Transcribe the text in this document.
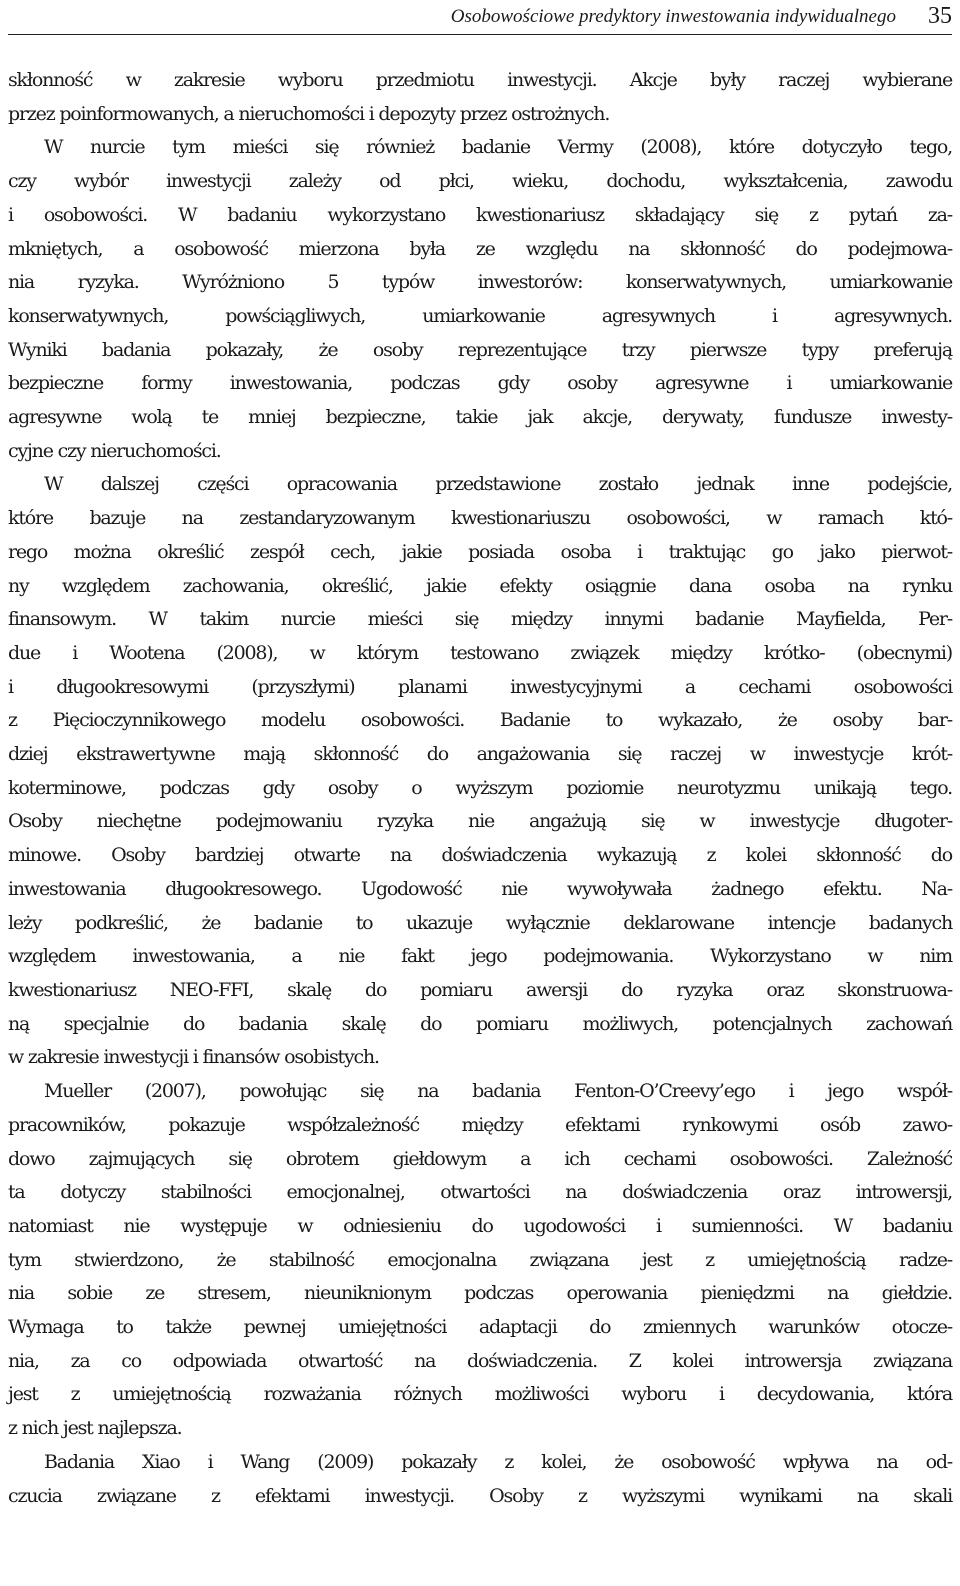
Osobowościowe predyktory inwestowania indywidualnego 35

skłonność w zakresie wyboru przedmiotu inwestycji. Akcje były raczej wybierane
przez poinformowanych, a nieruchomości i depozyty przez ostrożnych.

W nurcie tym mieści się również badanie Vermy (2008), które dotyczyło tego,
czy wybór inwestycji zależy od płci, wieku, dochodu, wykształcenia, zawodu
i osobowości. W badaniu wykorzystano kwestionariusz składający się z pytań za-
mkniętych, a osobowość mierzona była ze względu na skłonność do podejmowa-
nia ryzyka. Wyróżniono 5 typów inwestorów: konserwatywnych, umiarkowanie
konserwatywnych, powściągliwych, umiarkowanie agresywnych i agresywnych.
Wyniki badania pokazały, że osoby reprezentujące trzy pierwsze typy preferują
bezpieczne formy inwestowania, podczas gdy osoby agresywne i umiarkowanie
agresywne wolą te mniej bezpieczne, takie jak akcje, derywaty, fundusze inwesty-
cyjne czy nieruchomości.

W dalszej części opracowania przedstawione zostało jednak inne podejście,
które bazuje na zestandaryzowanym kwestionariuszu osobowości, w ramach któ-
rego można określić zespół cech, jakie posiada osoba i traktując go jako pierwot-
ny względem zachowania, określić, jakie efekty osiągnie dana osoba na rynku
finansowym. W takim nurcie mieści się między innymi badanie Mayfielda, Per-
due i Wootena (2008), w którym testowano związek między krótko- (obecnymi)
i długookresowymi (przyszłymi) planami inwestycyjnymi a cechami osobowości
z Pięcioczynnikowego modelu osobowości. Badanie to wykazało, że osoby bar-
dziej ekstrawertywne mają skłonność do angażowania się raczej w inwestycje krót-
koterminowe, podczas gdy osoby o wyższym poziomie neurotyzmu unikają tego.
Osoby niechętne podejmowaniu ryzyka nie angażują się w inwestycje długoter-
minowe. Osoby bardziej otwarte na doświadczenia wykazują z kolei skłonność do
inwestowania długookresowego. Ugodowość nie wywoływała żadnego efektu. Na-
leży podkreślić, że badanie to ukazuje wyłącznie deklarowane intencje badanych
względem inwestowania, a nie fakt jego podejmowania. Wykorzystano w nim
kwestionariusz NEO-FFI, skalę do pomiaru awersji do ryzyka oraz skonstruowa-
ną specjalnie do badania skalę do pomiaru możliwych, potencjalnych zachowań
w zakresie inwestycji i finansów osobistych.

Mueller (2007), powołując się na badania Fenton-O’Creevy’ego i jego współ-
pracowników, pokazuje współzależność między efektami rynkowymi osób zawo-
dowo zajmujących się obrotem giełdowym a ich cechami osobowości. Zależność
ta dotyczy stabilności emocjonalnej, otwartości na doświadczenia oraz introwersji,
natomiast nie występuje w odniesieniu do ugodowości i sumienności. W badaniu
tym stwierdzono, że stabilność emocjonalna związana jest z umiejętnością radze-
nia sobie ze stresem, nieuniknionym podczas operowania pieniędzmi na giełdzie.
Wymaga to także pewnej umiejętności adaptacji do zmiennych warunków otocze-
nia, za co odpowiada otwartość na doświadczenia. Z kolei introwersja związana
jest z umiejętnością rozważania różnych możliwości wyboru i decydowania, która
z nich jest najlepsza.

Badania Xiao i Wang (2009) pokazały z kolei, że osobowość wpływa na od-
czucia związane z efektami inwestycji. Osoby z wyższymi wynikami na skali
